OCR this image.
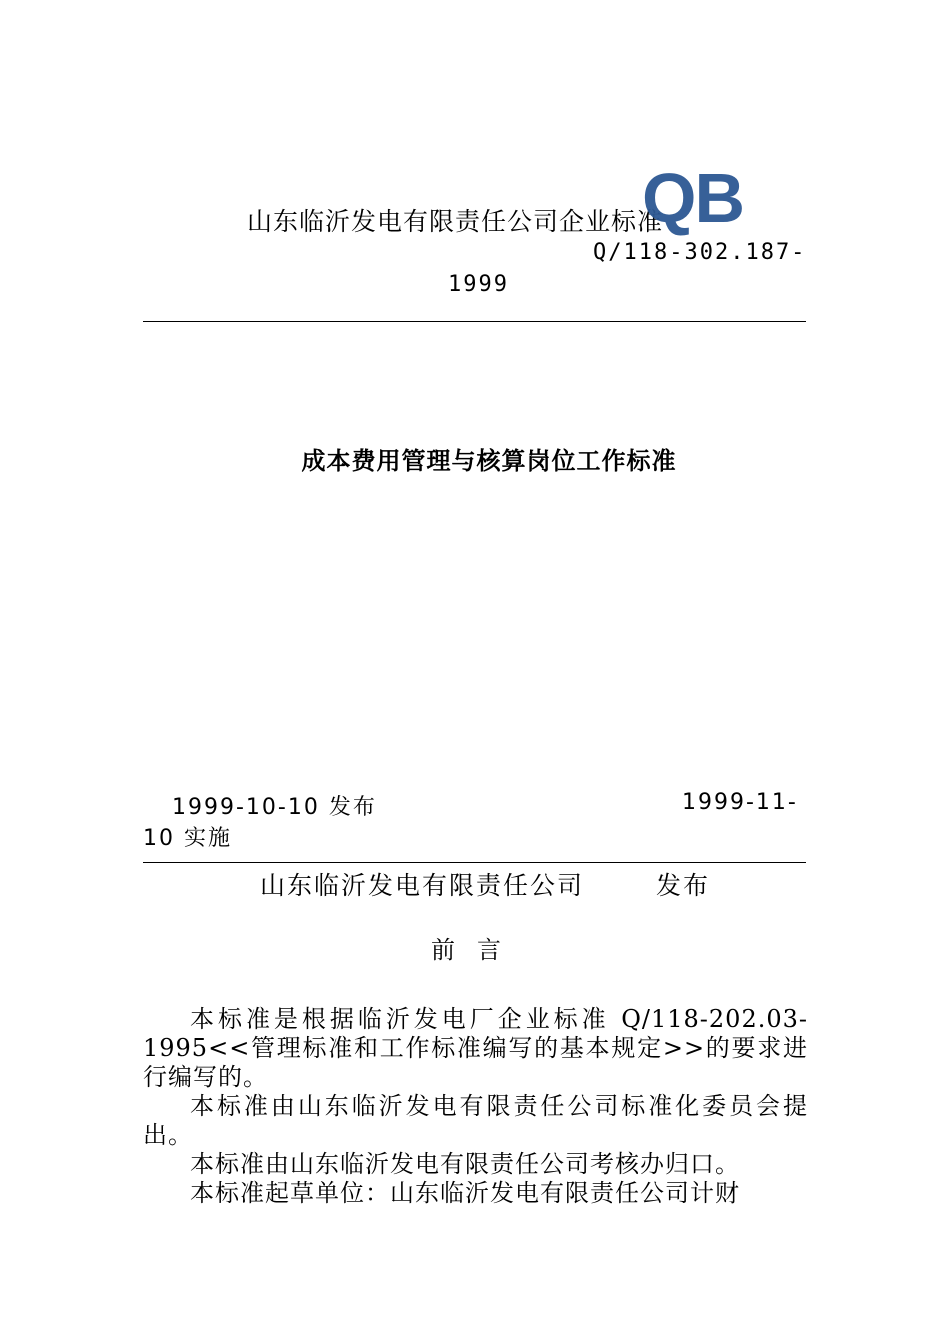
山东临沂发电有限责任公司企业标准
QB
Q/118-302.187-
1999
成本费用管理与核算岗位工作标准
1999-10-10 发布	1999-11-
10 实施
山东临沂发电有限责任公司	发布
前言

本标准是根据临沂发电厂企业标准 Q/118-202.03-1995<<管理标准和工作标准编写的基本规定>>的要求进行编写的。

本标准由山东临沂发电有限责任公司标准化委员会提出。

本标准由山东临沂发电有限责任公司考核办归口。

本标准起草单位：山东临沂发电有限责任公司计财
